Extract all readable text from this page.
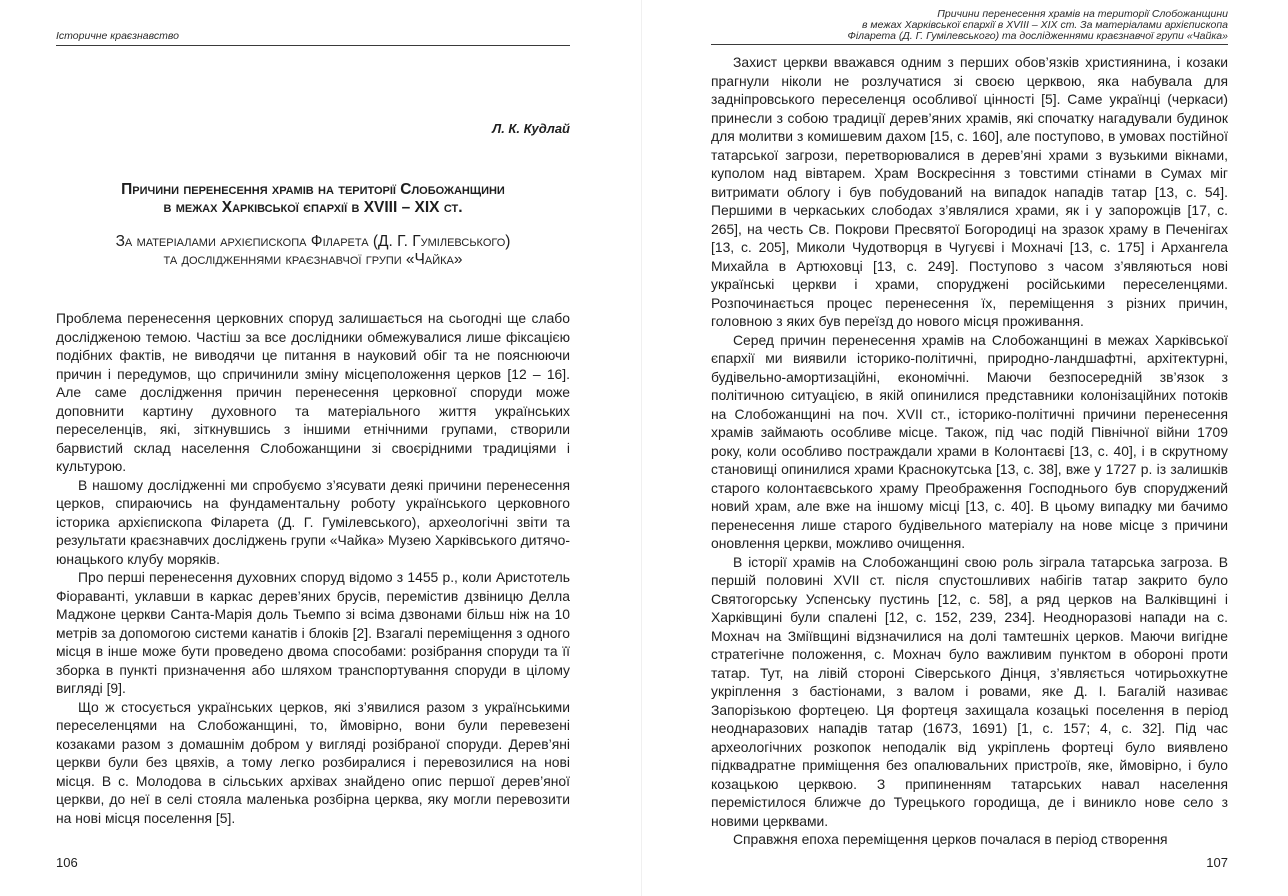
Історичне краєзнавство
Л. К. Кудлай
Причини перенесення храмів на території Слобожанщини
в межах Харківської єпархії в XVIII – XIX ст.
За матеріалами архієпископа Філарета (Д. Г. Гумілевського)
та дослідженнями краєзнавчої групи «Чайка»

Проблема перенесення церковних споруд залишається на сьогодні ще слабо дослідженою темою. Частіш за все дослідники обмежувалися лише фіксацією подібних фактів, не виводячи це питання в науковий обіг та не пояснюючи причин і передумов, що спричинили зміну місцеположення церков [12 – 16]. Але саме дослідження причин перенесення церковної споруди може доповнити картину духовного та матеріального життя українських переселенців, які, зіткнувшись з іншими етнічними групами, створили барвистий склад населення Слобожанщини зі своєрідними традиціями і культурою.

В нашому дослідженні ми спробуємо з’ясувати деякі причини перенесення церков, спираючись на фундаментальну роботу українського церковного історика архієпископа Філарета (Д. Г. Гумілевського), археологічні звіти та результати краєзнавчих досліджень групи «Чайка» Музею Харківського дитячо-юнацького клубу моряків.

Про перші перенесення духовних споруд відомо з 1455 р., коли Аристотель Фіораванті, уклавши в каркас дерев’яних брусів, перемістив дзвіницю Делла Маджоне церкви Санта-Марія доль Тьемпо зі всіма дзвонами більш ніж на 10 метрів за допомогою системи канатів і блоків [2]. Взагалі переміщення з одного місця в інше може бути проведено двома способами: розібрання споруди та її зборка в пункті призначення або шляхом транспортування споруди в цілому вигляді [9].

Що ж стосується українських церков, які з’явилися разом з українськими переселенцями на Слобожанщині, то, ймовірно, вони були перевезені козаками разом з домашнім добром у вигляді розібраної споруди. Дерев’яні церкви були без цвяхів, а тому легко розбиралися і перевозилися на нові місця. В с. Молодова в сільських архівах знайдено опис першої дерев’яної церкви, до неї в селі стояла маленька розбірна церква, яку могли перевозити на нові місця поселення [5].

106
Причини перенесення храмів на території Слобожанщини
в межах Харківської єпархії в XVIII – XIX ст. За матеріалами архієпископа
Філарета (Д. Г. Гумілевського) та дослідженнями краєзнавчої групи «Чайка»

Захист церкви вважався одним з перших обов’язків християнина, і козаки прагнули ніколи не розлучатися зі своєю церквою, яка набувала для задніпровського переселенця особливої цінності [5]. Саме українці (черкаси) принесли з собою традиції дерев’яних храмів, які спочатку нагадували будинок для молитви з комишевим дахом [15, с. 160], але поступово, в умовах постійної татарської загрози, перетворювалися в дерев’яні храми з вузькими вікнами, куполом над вівтарем. Храм Воскресіння з товстими стінами в Сумах міг витримати облогу і був побудований на випадок нападів татар [13, с. 54]. Першими в черкаських слободах з’являлися храми, як і у запорожців [17, с. 265], на честь Св. Покрови Пресвятої Богородиці на зразок храму в Печенігах [13, с. 205], Миколи Чудотворця в Чугуєві і Мохначі [13, с. 175] і Архангела Михайла в Артюховці [13, с. 249]. Поступово з часом з’являються нові українські церкви і храми, споруджені російськими переселенцями. Розпочинається процес перенесення їх, переміщення з різних причин, головною з яких був переїзд до нового місця проживання.

Серед причин перенесення храмів на Слобожанщині в межах Харківської єпархії ми виявили історико-політичні, природно-ландшафтні, архітектурні, будівельно-амортизаційні, економічні. Маючи безпосередній зв’язок з політичною ситуацією, в якій опинилися представники колонізаційних потоків на Слобожанщині на поч. XVII ст., історико-політичні причини перенесення храмів займають особливе місце. Також, під час подій Північної війни 1709 року, коли особливо постраждали храми в Колонтаєві [13, с. 40], і в скрутному становищі опинилися храми Краснокутська [13, с. 38], вже у 1727 р. із залишків старого колонтаєвського храму Преображення Господнього був споруджений новий храм, але вже на іншому місці [13, с. 40]. В цьому випадку ми бачимо перенесення лише старого будівельного матеріалу на нове місце з причини оновлення церкви, можливо очищення.

В історії храмів на Слобожанщині свою роль зіграла татарська загроза. В першій половині XVII ст. після спустошливих набігів татар закрито було Святогорську Успенську пустинь [12, с. 58], а ряд церков на Валківщині і Харківщині були спалені [12, с. 152, 239, 234]. Неодноразові напади на с. Мохнач на Зміївщині відзначилися на долі тамтешніх церков. Маючи вигідне стратегічне положення, с. Мохнач було важливим пунктом в обороні проти татар. Тут, на лівій стороні Сіверського Дінця, з’являється чотирьохкутне укріплення з бастіонами, з валом і ровами, яке Д. І. Багалій називає Запорізькою фортецею. Ця фортеця захищала козацькі поселення в період неоднаразових нападів татар (1673, 1691) [1, с. 157; 4, с. 32]. Під час археологічних розкопок неподалік від укріплень фортеці було виявлено підквадратне приміщення без опалювальних пристроїв, яке, ймовірно, і було козацькою церквою. З припиненням татарських навал населення перемістилося ближче до Турецького городища, де і виникло нове село з новими церквами.

Справжня епоха переміщення церков почалася в період створення

107
